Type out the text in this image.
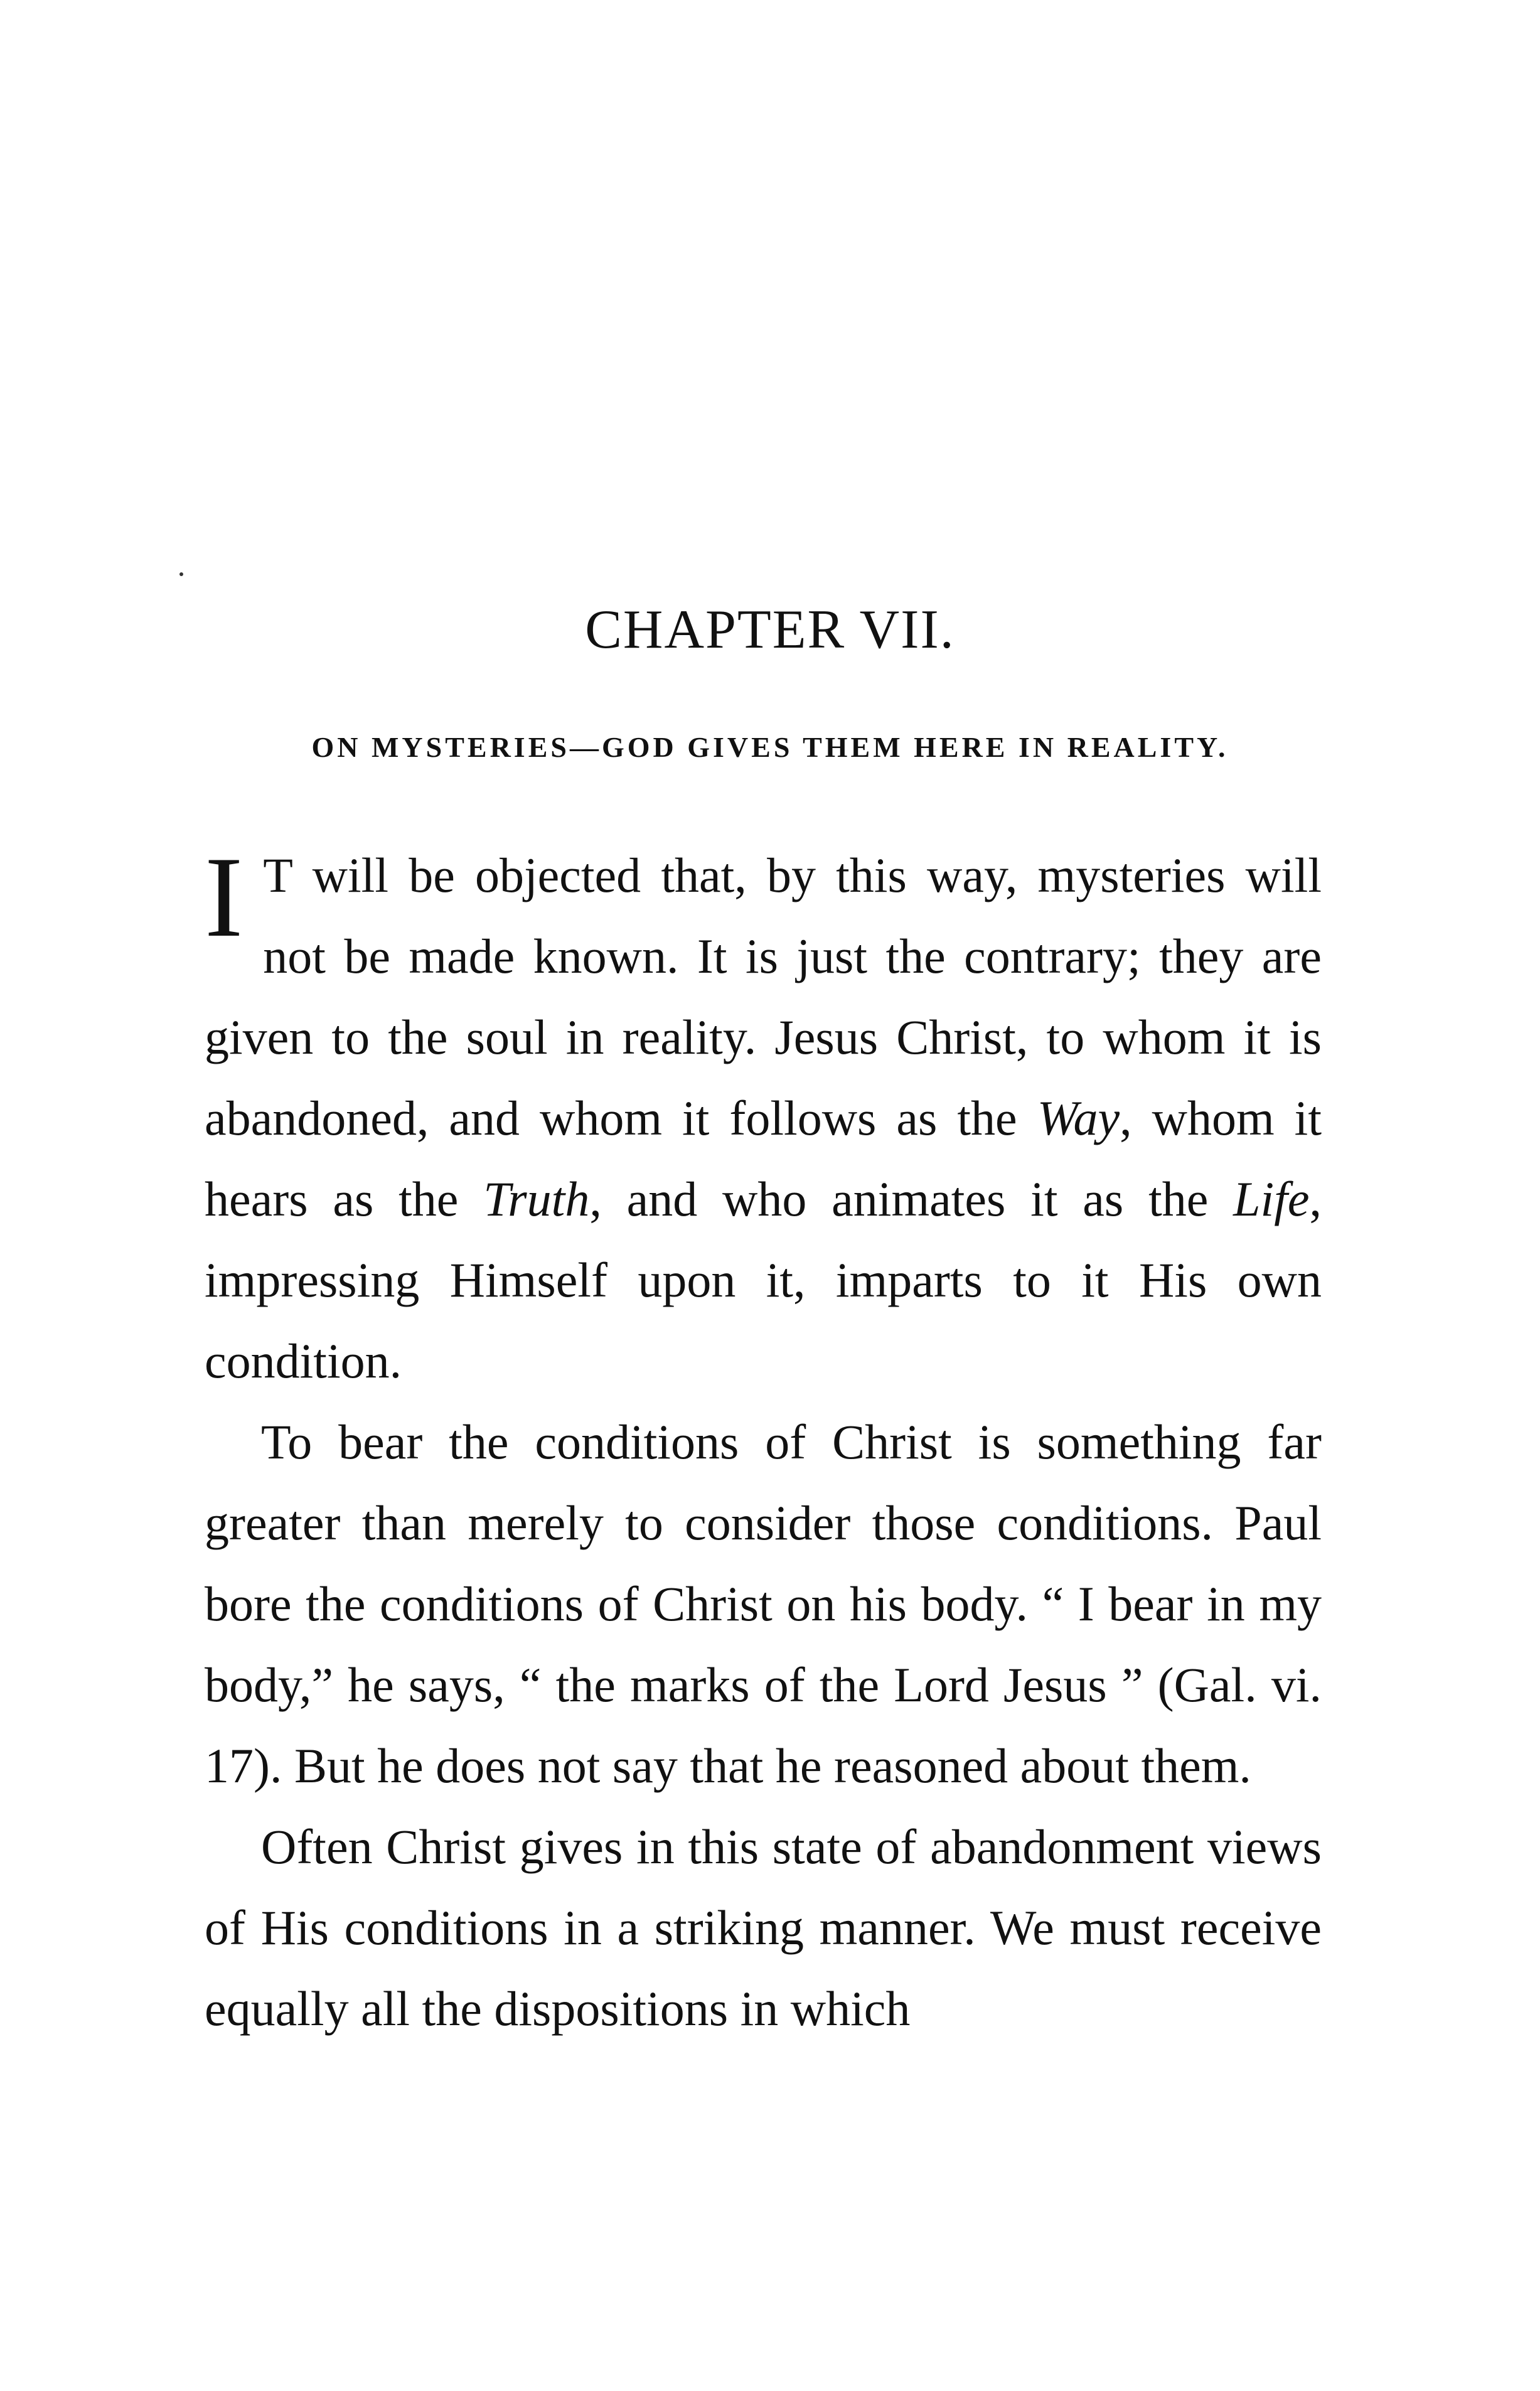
CHAPTER VII.
ON MYSTERIES—GOD GIVES THEM HERE IN REALITY.

I T will be objected that, by this way, mysteries will not be made known. It is just the contrary; they are given to the soul in reality. Jesus Christ, to whom it is abandoned, and whom it follows as the Way, whom it hears as the Truth, and who animates it as the Life, impressing Himself upon it, imparts to it His own condition.

To bear the conditions of Christ is something far greater than merely to consider those conditions. Paul bore the conditions of Christ on his body. “ I bear in my body,” he says, “ the marks of the Lord Jesus ” (Gal. vi. 17). But he does not say that he reasoned about them.

Often Christ gives in this state of abandonment views of His conditions in a striking manner. We must receive equally all the dispositions in which
